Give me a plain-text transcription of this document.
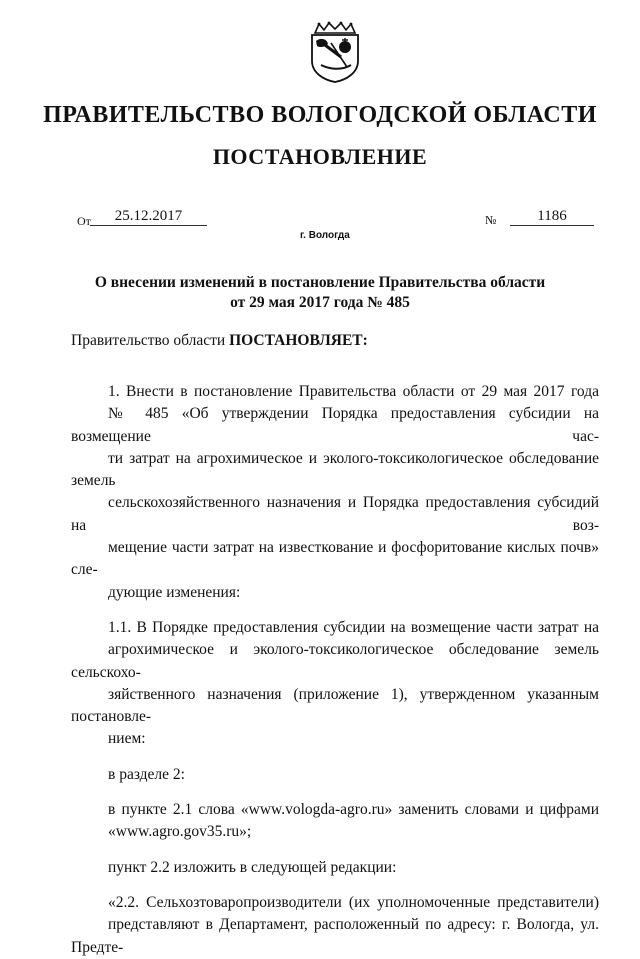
ПРАВИТЕЛЬСТВО ВОЛОГОДСКОЙ ОБЛАСТИ
ПОСТАНОВЛЕНИЕ
От	25.12.2017	№	1186
г. Вологда
О внесении изменений в постановление Правительства области
от 29 мая 2017 года № 485
Правительство области ПОСТАНОВЛЯЕТ:

1. Внести в постановление Правительства области от 29 мая 2017 года
№ 485 «Об утверждении Порядка предоставления субсидии на возмещение час-
ти затрат на агрохимическое и эколого-токсикологическое обследование земель
сельскохозяйственного назначения и Порядка предоставления субсидий на воз-
мещение части затрат на известкование и фосфоритование кислых почв» сле-
дующие изменения:

1.1. В Порядке предоставления субсидии на возмещение части затрат на
агрохимическое и эколого-токсикологическое обследование земель сельскохо-
зяйственного назначения (приложение 1), утвержденном указанным постановле-
нием:

в разделе 2:

в пункте 2.1 слова «www.vologda-agro.ru» заменить словами и цифрами
«www.agro.gov35.ru»;

пункт 2.2 изложить в следующей редакции:

«2.2. Сельхозтоваропроизводители (их уполномоченные представители)
представляют в Департамент, расположенный по адресу: г. Вологда, ул. Предте-
